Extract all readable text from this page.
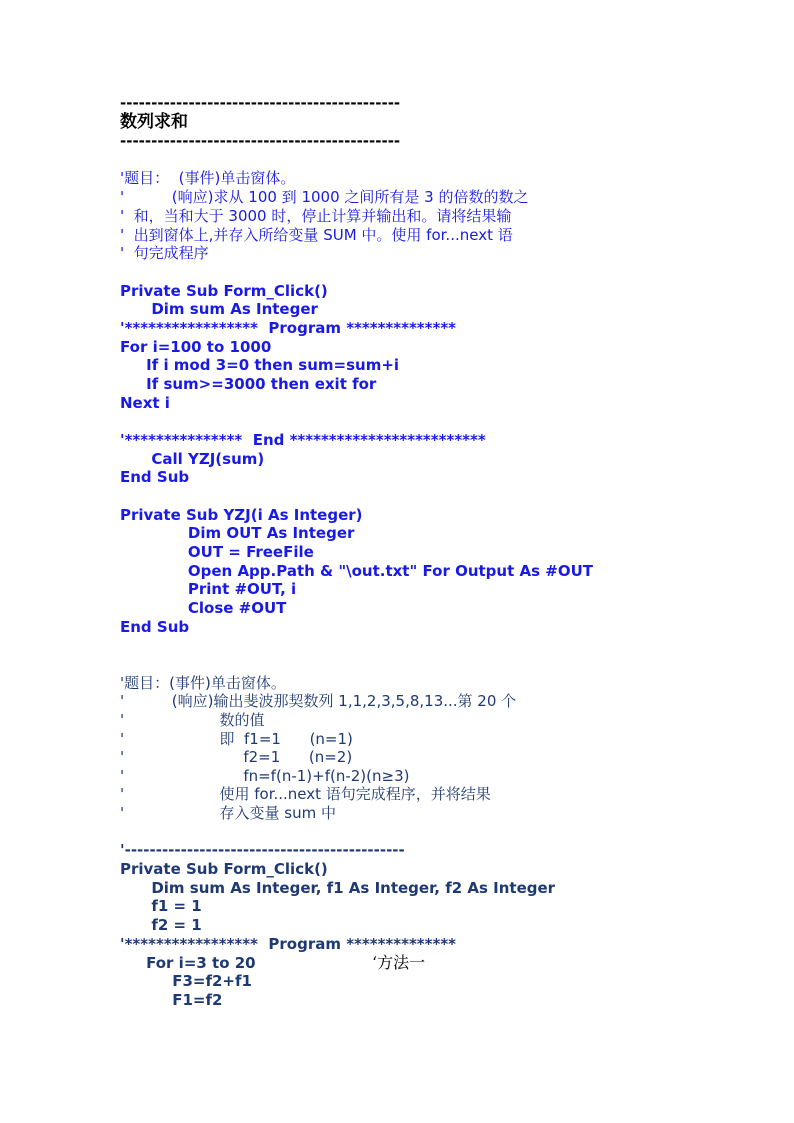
---------------------------------------------
数列求和
---------------------------------------------
'题目：  (事件)单击窗体。
'          (响应)求从 100 到 1000 之间所有是 3 的倍数的数之
'  和，当和大于 3000 时，停止计算并输出和。请将结果输
'  出到窗体上,并存入所给变量 SUM 中。使用 for...next 语
'  句完成程序
Private Sub Form_Click()
Dim sum As Integer
'*****************  Program **************
For i=100 to 1000
If i mod 3=0 then sum=sum+i
If sum>=3000 then exit for
Next i
'***************  End *************************
Call YZJ(sum)
End Sub
Private Sub YZJ(i As Integer)
Dim OUT As Integer
OUT = FreeFile
Open App.Path & "\out.txt" For Output As #OUT
Print #OUT, i
Close #OUT
End Sub
'题目：(事件)单击窗体。
'          (响应)输出斐波那契数列 1,1,2,3,5,8,13...第 20 个
'                    数的值
'                    即  f1=1      (n=1)
'                         f2=1      (n=2)
'                         fn=f(n-1)+f(n-2)(n≥3)
'                    使用 for...next 语句完成程序，并将结果
'                    存入变量 sum 中
'---------------------------------------------
Private Sub Form_Click()
Dim sum As Integer, f1 As Integer, f2 As Integer
f1 = 1
f2 = 1
'*****************  Program **************
For i=3 to 20	‘方法一
F3=f2+f1
F1=f2
